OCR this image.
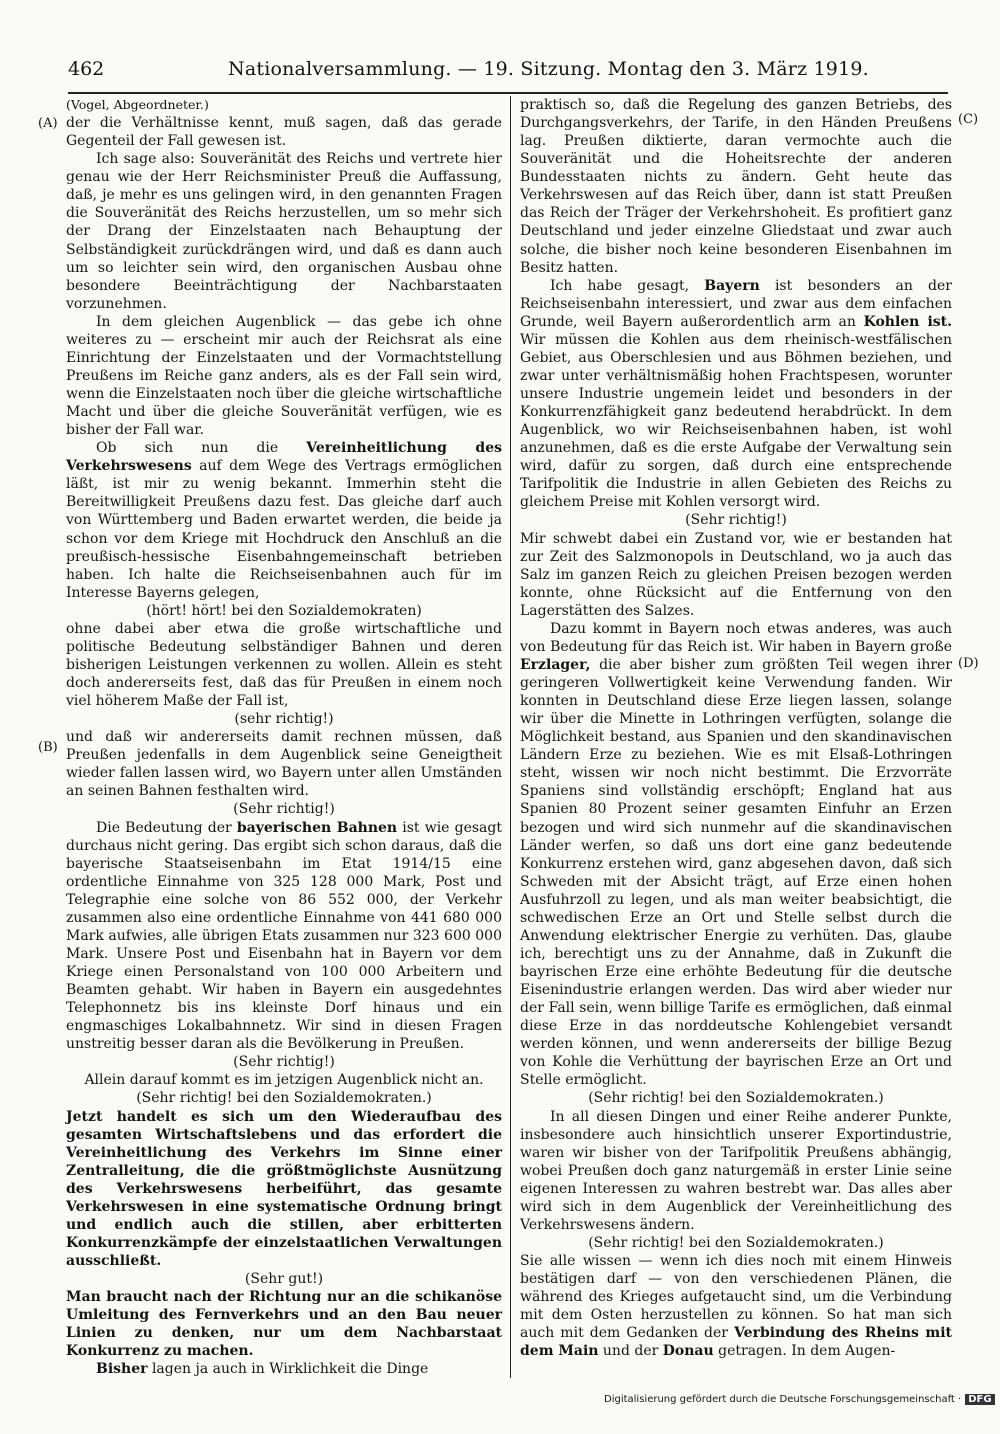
462	Nationalversammlung. — 19. Sitzung. Montag den 3. März 1919.
(A)
(B)
(C)
(D)

(Vogel, Abgeordneter.)

der die Verhältnisse kennt, muß sagen, daß das gerade Gegenteil der Fall gewesen ist.

Ich sage also: Souveränität des Reichs und vertrete hier genau wie der Herr Reichsminister Preuß die Auffassung, daß, je mehr es uns gelingen wird, in den genannten Fragen die Souveränität des Reichs herzustellen, um so mehr sich der Drang der Einzelstaaten nach Behauptung der Selbständigkeit zurückdrängen wird, und daß es dann auch um so leichter sein wird, den organischen Ausbau ohne besondere Beeinträchtigung der Nachbarstaaten vorzunehmen.

In dem gleichen Augenblick — das gebe ich ohne weiteres zu — erscheint mir auch der Reichsrat als eine Einrichtung der Einzelstaaten und der Vormachtstellung Preußens im Reiche ganz anders, als es der Fall sein wird, wenn die Einzelstaaten noch über die gleiche wirtschaftliche Macht und über die gleiche Souveränität verfügen, wie es bisher der Fall war.

Ob sich nun die Vereinheitlichung des Verkehrswesens auf dem Wege des Vertrags ermöglichen läßt, ist mir zu wenig bekannt. Immerhin steht die Bereitwilligkeit Preußens dazu fest. Das gleiche darf auch von Württemberg und Baden erwartet werden, die beide ja schon vor dem Kriege mit Hochdruck den Anschluß an die preußisch-hessische Eisenbahngemeinschaft betrieben haben. Ich halte die Reichseisenbahnen auch für im Interesse Bayerns gelegen,

(hört! hört! bei den Sozialdemokraten)

ohne dabei aber etwa die große wirtschaftliche und politische Bedeutung selbständiger Bahnen und deren bisherigen Leistungen verkennen zu wollen. Allein es steht doch andererseits fest, daß das für Preußen in einem noch viel höherem Maße der Fall ist,

(sehr richtig!)

und daß wir andererseits damit rechnen müssen, daß Preußen jedenfalls in dem Augenblick seine Geneigtheit wieder fallen lassen wird, wo Bayern unter allen Umständen an seinen Bahnen festhalten wird.

(Sehr richtig!)

Die Bedeutung der bayerischen Bahnen ist wie gesagt durchaus nicht gering. Das ergibt sich schon daraus, daß die bayerische Staatseisenbahn im Etat 1914/15 eine ordentliche Einnahme von 325 128 000 Mark, Post und Telegraphie eine solche von 86 552 000, der Verkehr zusammen also eine ordentliche Einnahme von 441 680 000 Mark aufwies, alle übrigen Etats zusammen nur 323 600 000 Mark. Unsere Post und Eisenbahn hat in Bayern vor dem Kriege einen Personalstand von 100 000 Arbeitern und Beamten gehabt. Wir haben in Bayern ein ausgedehntes Telephonnetz bis ins kleinste Dorf hinaus und ein engmaschiges Lokalbahnnetz. Wir sind in diesen Fragen unstreitig besser daran als die Bevölkerung in Preußen.

(Sehr richtig!)

Allein darauf kommt es im jetzigen Augenblick nicht an.

(Sehr richtig! bei den Sozialdemokraten.)

Jetzt handelt es sich um den Wiederaufbau des gesamten Wirtschaftslebens und das erfordert die Vereinheitlichung des Verkehrs im Sinne einer Zentralleitung, die die größtmöglichste Ausnützung des Verkehrswesens herbeiführt, das gesamte Verkehrswesen in eine systematische Ordnung bringt und endlich auch die stillen, aber erbitterten Konkurrenzkämpfe der einzelstaatlichen Verwaltungen ausschließt.

(Sehr gut!)

Man braucht nach der Richtung nur an die schikanöse Umleitung des Fernverkehrs und an den Bau neuer Linien zu denken, nur um dem Nachbarstaat Konkurrenz zu machen.

Bisher lagen ja auch in Wirklichkeit die Dinge

praktisch so, daß die Regelung des ganzen Betriebs, des Durchgangsverkehrs, der Tarife, in den Händen Preußens lag. Preußen diktierte, daran vermochte auch die Souveränität und die Hoheitsrechte der anderen Bundesstaaten nichts zu ändern. Geht heute das Verkehrswesen auf das Reich über, dann ist statt Preußen das Reich der Träger der Verkehrshoheit. Es profitiert ganz Deutschland und jeder einzelne Gliedstaat und zwar auch solche, die bisher noch keine besonderen Eisenbahnen im Besitz hatten.

Ich habe gesagt, Bayern ist besonders an der Reichseisenbahn interessiert, und zwar aus dem einfachen Grunde, weil Bayern außerordentlich arm an Kohlen ist. Wir müssen die Kohlen aus dem rheinisch-westfälischen Gebiet, aus Oberschlesien und aus Böhmen beziehen, und zwar unter verhältnismäßig hohen Frachtspesen, worunter unsere Industrie ungemein leidet und besonders in der Konkurrenzfähigkeit ganz bedeutend herabdrückt. In dem Augenblick, wo wir Reichseisenbahnen haben, ist wohl anzunehmen, daß es die erste Aufgabe der Verwaltung sein wird, dafür zu sorgen, daß durch eine entsprechende Tarifpolitik die Industrie in allen Gebieten des Reichs zu gleichem Preise mit Kohlen versorgt wird.

(Sehr richtig!)

Mir schwebt dabei ein Zustand vor, wie er bestanden hat zur Zeit des Salzmonopols in Deutschland, wo ja auch das Salz im ganzen Reich zu gleichen Preisen bezogen werden konnte, ohne Rücksicht auf die Entfernung von den Lagerstätten des Salzes.

Dazu kommt in Bayern noch etwas anderes, was auch von Bedeutung für das Reich ist. Wir haben in Bayern große Erzlager, die aber bisher zum größten Teil wegen ihrer geringeren Vollwertigkeit keine Verwendung fanden. Wir konnten in Deutschland diese Erze liegen lassen, solange wir über die Minette in Lothringen verfügten, solange die Möglichkeit bestand, aus Spanien und den skandinavischen Ländern Erze zu beziehen. Wie es mit Elsaß-Lothringen steht, wissen wir noch nicht bestimmt. Die Erzvorräte Spaniens sind vollständig erschöpft; England hat aus Spanien 80 Prozent seiner gesamten Einfuhr an Erzen bezogen und wird sich nunmehr auf die skandinavischen Länder werfen, so daß uns dort eine ganz bedeutende Konkurrenz erstehen wird, ganz abgesehen davon, daß sich Schweden mit der Absicht trägt, auf Erze einen hohen Ausfuhrzoll zu legen, und als man weiter beabsichtigt, die schwedischen Erze an Ort und Stelle selbst durch die Anwendung elektrischer Energie zu verhüten. Das, glaube ich, berechtigt uns zu der Annahme, daß in Zukunft die bayrischen Erze eine erhöhte Bedeutung für die deutsche Eisenindustrie erlangen werden. Das wird aber wieder nur der Fall sein, wenn billige Tarife es ermöglichen, daß einmal diese Erze in das norddeutsche Kohlengebiet versandt werden können, und wenn andererseits der billige Bezug von Kohle die Verhüttung der bayrischen Erze an Ort und Stelle ermöglicht.

(Sehr richtig! bei den Sozialdemokraten.)

In all diesen Dingen und einer Reihe anderer Punkte, insbesondere auch hinsichtlich unserer Exportindustrie, waren wir bisher von der Tarifpolitik Preußens abhängig, wobei Preußen doch ganz naturgemäß in erster Linie seine eigenen Interessen zu wahren bestrebt war. Das alles aber wird sich in dem Augenblick der Vereinheitlichung des Verkehrswesens ändern.

(Sehr richtig! bei den Sozialdemokraten.)

Sie alle wissen — wenn ich dies noch mit einem Hinweis bestätigen darf — von den verschiedenen Plänen, die während des Krieges aufgetaucht sind, um die Verbindung mit dem Osten herzustellen zu können. So hat man sich auch mit dem Gedanken der Verbindung des Rheins mit dem Main und der Donau getragen. In dem Augen-

Digitalisierung gefördert durch die Deutsche Forschungsgemeinschaft · DFG
